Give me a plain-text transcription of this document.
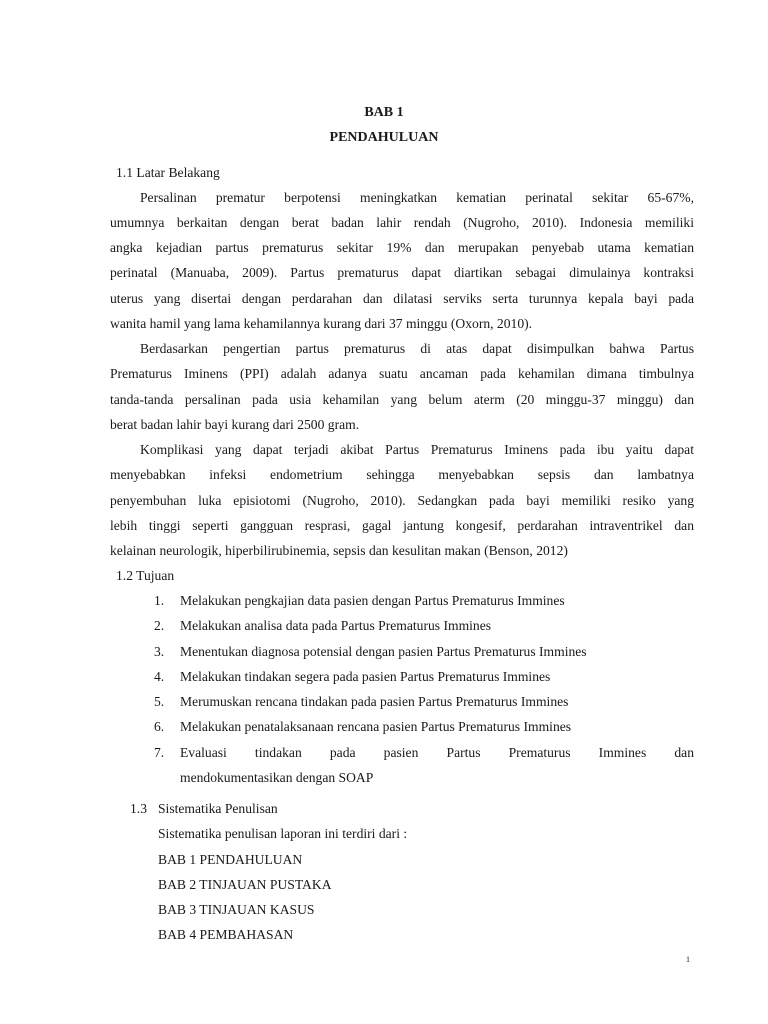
BAB 1
PENDAHULUAN
1.1 Latar Belakang
Persalinan prematur berpotensi meningkatkan kematian perinatal sekitar 65-67%,
umumnya berkaitan dengan berat badan lahir rendah (Nugroho, 2010). Indonesia memiliki
angka kejadian partus prematurus sekitar 19% dan merupakan penyebab utama kematian
perinatal (Manuaba, 2009). Partus prematurus dapat diartikan sebagai dimulainya kontraksi
uterus yang disertai dengan perdarahan dan dilatasi serviks serta turunnya kepala bayi pada
wanita hamil yang lama kehamilannya kurang dari 37 minggu (Oxorn, 2010).
Berdasarkan pengertian partus prematurus di atas dapat disimpulkan bahwa Partus
Prematurus Iminens (PPI) adalah adanya suatu ancaman pada kehamilan dimana timbulnya
tanda-tanda persalinan pada usia kehamilan yang belum aterm (20 minggu-37 minggu) dan
berat badan lahir bayi kurang dari 2500 gram.
Komplikasi yang dapat terjadi akibat Partus Prematurus Iminens pada ibu yaitu dapat
menyebabkan infeksi endometrium sehingga menyebabkan sepsis dan lambatnya
penyembuhan luka episiotomi (Nugroho, 2010). Sedangkan pada bayi memiliki resiko yang
lebih tinggi seperti gangguan resprasi, gagal jantung kongesif, perdarahan intraventrikel dan
kelainan neurologik, hiperbilirubinemia, sepsis dan kesulitan makan (Benson, 2012)
1.2 Tujuan
1.	Melakukan pengkajian data pasien dengan Partus Prematurus Immines
2.	Melakukan analisa data pada Partus Prematurus Immines
3.	Menentukan diagnosa potensial dengan pasien Partus Prematurus Immines
4.	Melakukan tindakan segera pada pasien Partus Prematurus Immines
5.	Merumuskan rencana tindakan pada pasien Partus Prematurus Immines
6.	Melakukan penatalaksanaan rencana pasien Partus Prematurus Immines
7.	Evaluasi tindakan pada pasien Partus Prematurus Immines dan
mendokumentasikan dengan SOAP
1.3 Sistematika Penulisan
Sistematika penulisan laporan ini terdiri dari :
BAB 1 PENDAHULUAN
BAB 2 TINJAUAN PUSTAKA
BAB 3 TINJAUAN KASUS
BAB 4 PEMBAHASAN
1
